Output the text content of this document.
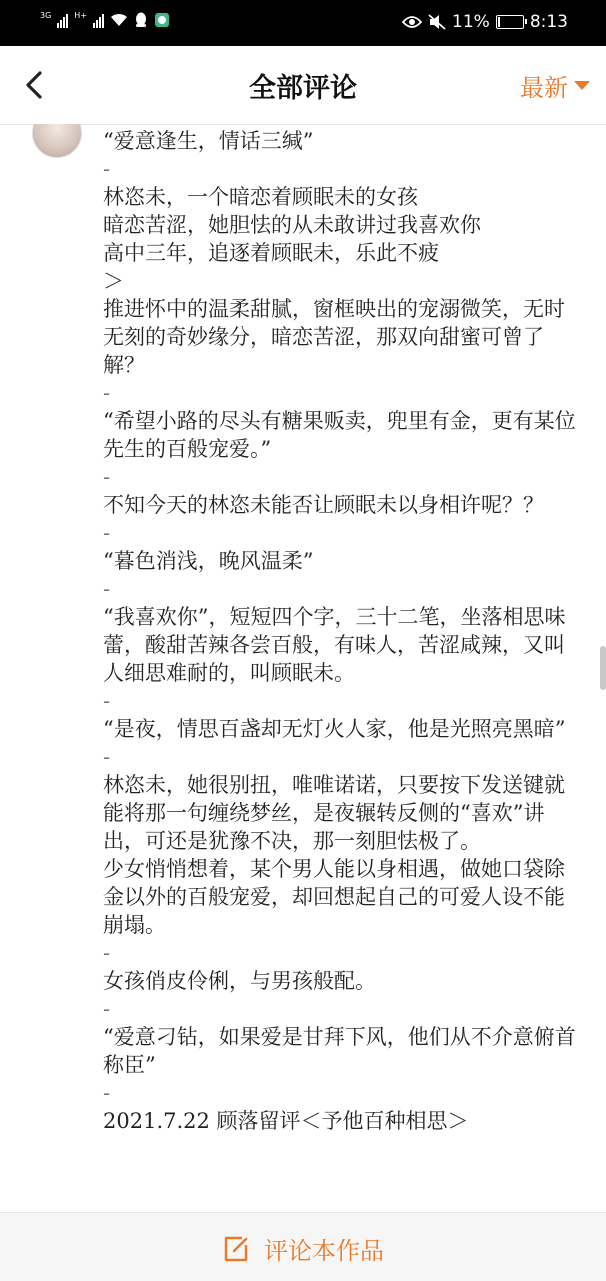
3G	H+	11% 8:13
全部评论	最新

“爱意逢生，情话三缄”

-

林恣未，一个暗恋着顾眠未的女孩

暗恋苦涩，她胆怯的从未敢讲过我喜欢你

高中三年，追逐着顾眠未，乐此不疲

＞

推进怀中的温柔甜腻，窗框映出的宠溺微笑，无时无刻的奇妙缘分，暗恋苦涩，那双向甜蜜可曾了解？

-

“希望小路的尽头有糖果贩卖，兜里有金，更有某位先生的百般宠爱。”

-

不知今天的林恣未能否让顾眠未以身相许呢？？

-

“暮色消浅，晚风温柔”

-

“我喜欢你”，短短四个字，三十二笔，坐落相思味蕾，酸甜苦辣各尝百般，有味人，苦涩咸辣，又叫人细思难耐的，叫顾眠未。

-

“是夜，情思百盏却无灯火人家，他是光照亮黑暗”

-

林恣未，她很别扭，唯唯诺诺，只要按下发送键就能将那一句缠绕梦丝，是夜辗转反侧的“喜欢”讲出，可还是犹豫不决，那一刻胆怯极了。

少女悄悄想着，某个男人能以身相遇，做她口袋除金以外的百般宠爱，却回想起自己的可爱人设不能崩塌。

-

女孩俏皮伶俐，与男孩般配。

-

“爱意刁钻，如果爱是甘拜下风，他们从不介意俯首称臣”

-

2021.7.22 顾落留评＜予他百种相思＞

评论本作品
